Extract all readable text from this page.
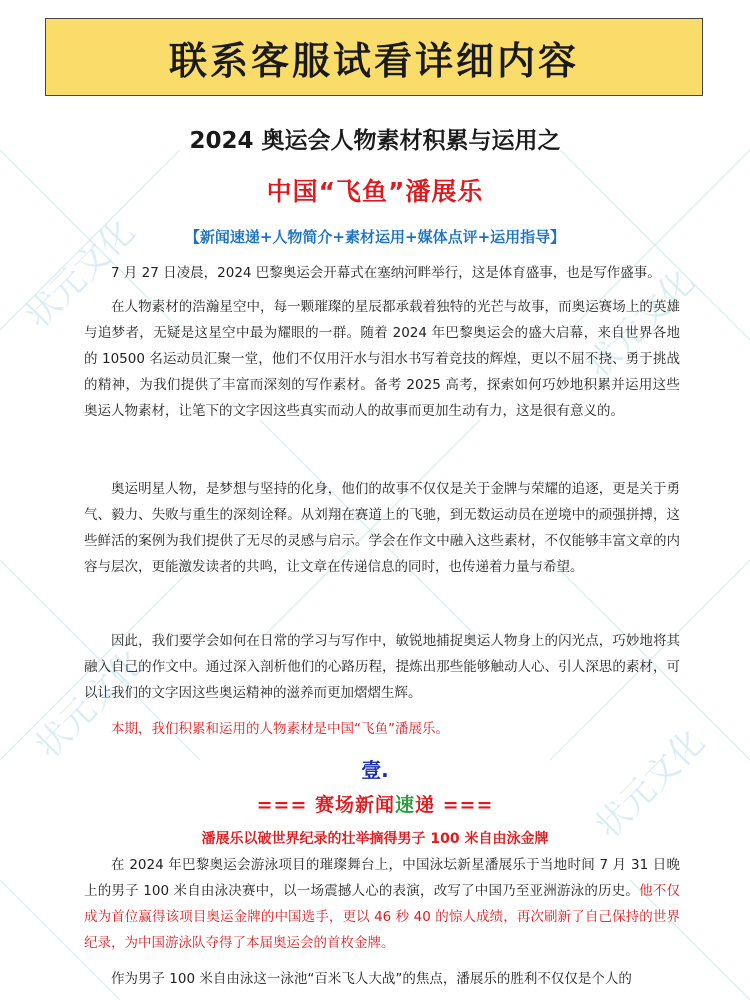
状元文化	状元文化
状元文化
状元文化
联系客服试看详细内容
2024 奥运会人物素材积累与运用之
中国“飞鱼”潘展乐
【新闻速递+人物简介+素材运用+媒体点评+运用指导】

7 月 27 日凌晨，2024 巴黎奥运会开幕式在塞纳河畔举行，这是体育盛事，也是写作盛事。

在人物素材的浩瀚星空中，每一颗璀璨的星辰都承载着独特的光芒与故事，而奥运赛场上的英雄与追梦者，无疑是这星空中最为耀眼的一群。随着 2024 年巴黎奥运会的盛大启幕，来自世界各地的 10500 名运动员汇聚一堂，他们不仅用汗水与泪水书写着竞技的辉煌，更以不屈不挠、勇于挑战的精神，为我们提供了丰富而深刻的写作素材。备考 2025 高考，探索如何巧妙地积累并运用这些奥运人物素材，让笔下的文字因这些真实而动人的故事而更加生动有力，这是很有意义的。

奥运明星人物，是梦想与坚持的化身，他们的故事不仅仅是关于金牌与荣耀的追逐，更是关于勇气、毅力、失败与重生的深刻诠释。从刘翔在赛道上的飞驰，到无数运动员在逆境中的顽强拼搏，这些鲜活的案例为我们提供了无尽的灵感与启示。学会在作文中融入这些素材，不仅能够丰富文章的内容与层次，更能激发读者的共鸣，让文章在传递信息的同时，也传递着力量与希望。

因此，我们要学会如何在日常的学习与写作中，敏锐地捕捉奥运人物身上的闪光点，巧妙地将其融入自己的作文中。通过深入剖析他们的心路历程，提炼出那些能够触动人心、引人深思的素材，可以让我们的文字因这些奥运精神的滋养而更加熠熠生辉。

本期，我们积累和运用的人物素材是中国“飞鱼”潘展乐。

壹.
=== 赛场新闻速递 ===
潘展乐以破世界纪录的壮举摘得男子 100 米自由泳金牌

在 2024 年巴黎奥运会游泳项目的璀璨舞台上，中国泳坛新星潘展乐于当地时间 7 月 31 日晚上的男子 100 米自由泳决赛中，以一场震撼人心的表演，改写了中国乃至亚洲游泳的历史。他不仅成为首位赢得该项目奥运金牌的中国选手，更以 46 秒 40 的惊人成绩，再次刷新了自己保持的世界纪录，为中国游泳队夺得了本届奥运会的首枚金牌。

作为男子 100 米自由泳这一泳池“百米飞人大战”的焦点，潘展乐的胜利不仅仅是个人的
